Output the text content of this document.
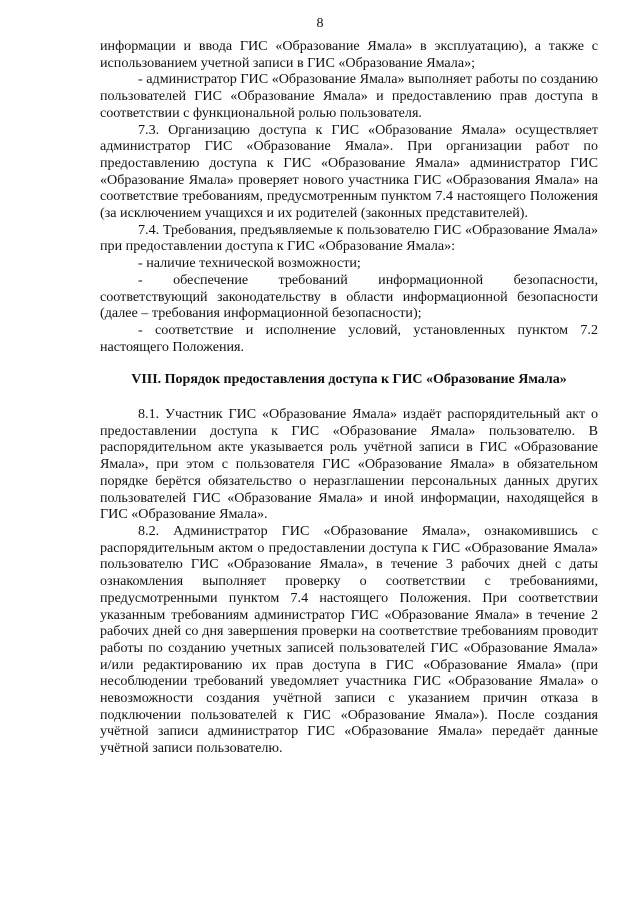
8

информации и ввода ГИС «Образование Ямала» в эксплуатацию), а также с использованием учетной записи в ГИС «Образование Ямала»;

- администратор ГИС «Образование Ямала» выполняет работы по созданию пользователей ГИС «Образование Ямала» и предоставлению прав доступа в соответствии с функциональной ролью пользователя.

7.3. Организацию доступа к ГИС «Образование Ямала» осуществляет администратор ГИС «Образование Ямала». При организации работ по предоставлению доступа к ГИС «Образование Ямала» администратор ГИС «Образование Ямала» проверяет нового участника ГИС «Образования Ямала» на соответствие требованиям, предусмотренным пунктом 7.4 настоящего Положения (за исключением учащихся и их родителей (законных представителей).

7.4. Требования, предъявляемые к пользователю ГИС «Образование Ямала» при предоставлении доступа к ГИС «Образование Ямала»:

- наличие технической возможности;

- обеспечение требований информационной безопасности, соответствующий законодательству в области информационной безопасности (далее – требования информационной безопасности);

- соответствие и исполнение условий, установленных пунктом 7.2 настоящего Положения.

VIII. Порядок предоставления доступа к ГИС «Образование Ямала»

8.1. Участник ГИС «Образование Ямала» издаёт распорядительный акт о предоставлении доступа к ГИС «Образование Ямала» пользователю. В распорядительном акте указывается роль учётной записи в ГИС «Образование Ямала», при этом с пользователя ГИС «Образование Ямала» в обязательном порядке берётся обязательство о неразглашении персональных данных других пользователей ГИС «Образование Ямала» и иной информации, находящейся в ГИС «Образование Ямала».

8.2. Администратор ГИС «Образование Ямала», ознакомившись с распорядительным актом о предоставлении доступа к ГИС «Образование Ямала» пользователю ГИС «Образование Ямала», в течение 3 рабочих дней с даты ознакомления выполняет проверку о соответствии с требованиями, предусмотренными пунктом 7.4 настоящего Положения. При соответствии указанным требованиям администратор ГИС «Образование Ямала» в течение 2 рабочих дней со дня завершения проверки на соответствие требованиям проводит работы по созданию учетных записей пользователей ГИС «Образование Ямала» и/или редактированию их прав доступа в ГИС «Образование Ямала» (при несоблюдении требований уведомляет участника ГИС «Образование Ямала» о невозможности создания учётной записи с указанием причин отказа в подключении пользователей к ГИС «Образование Ямала»). После создания учётной записи администратор ГИС «Образование Ямала» передаёт данные учётной записи пользователю.
